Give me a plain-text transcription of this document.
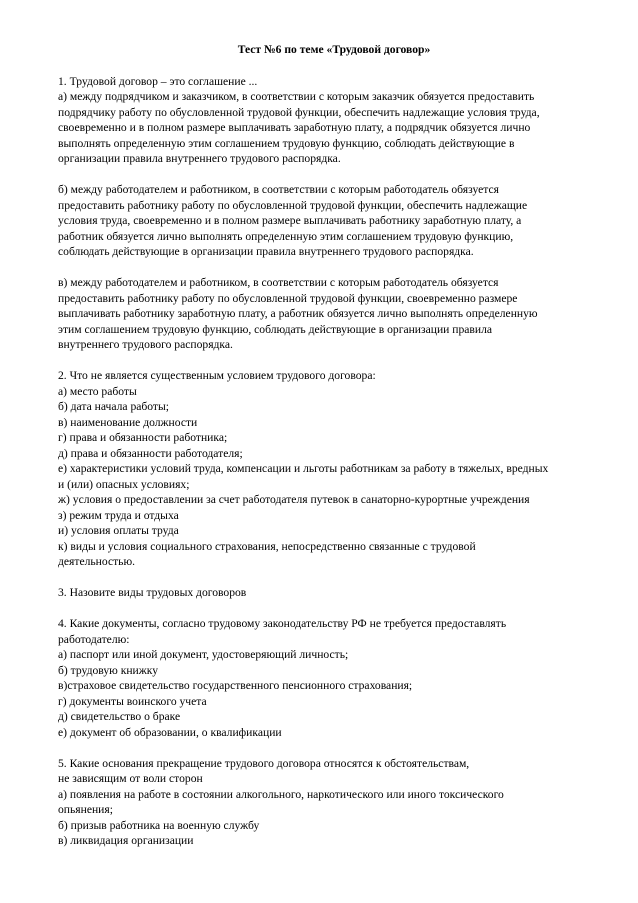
Тест №6 по теме «Трудовой договор»
1. Трудовой договор – это соглашение ...
а) между подрядчиком и заказчиком, в соответствии с которым заказчик обязуется предоставить
подрядчику работу по обусловленной трудовой функции, обеспечить надлежащие условия труда,
своевременно и в полном размере выплачивать заработную плату, а подрядчик обязуется лично
выполнять определенную этим соглашением трудовую функцию, соблюдать действующие в
организации правила внутреннего трудового распорядка.
б) между работодателем и работником, в соответствии с которым работодатель обязуется
предоставить работнику работу по обусловленной трудовой функции, обеспечить надлежащие
условия труда, своевременно и в полном размере выплачивать работнику заработную плату, а
работник обязуется лично выполнять определенную этим соглашением трудовую функцию,
соблюдать действующие в организации правила внутреннего трудового распорядка.
в) между работодателем и работником, в соответствии с которым работодатель обязуется
предоставить работнику работу по обусловленной трудовой функции, своевременно размере
выплачивать работнику заработную плату, а работник обязуется лично выполнять определенную
этим соглашением трудовую функцию, соблюдать действующие в организации правила
внутреннего трудового распорядка.
2. Что не является существенным условием трудового договора:
а) место работы
б) дата начала работы;
в) наименование должности
г) права и обязанности работника;
д) права и обязанности работодателя;
е) характеристики условий труда, компенсации и льготы работникам за работу в тяжелых, вредных
и (или) опасных условиях;
ж) условия о предоставлении за счет работодателя путевок в санаторно-курортные учреждения
з) режим труда и отдыха
и) условия оплаты труда
к) виды и условия социального страхования, непосредственно связанные с трудовой
деятельностью.
3. Назовите виды трудовых договоров
4. Какие документы, согласно трудовому законодательству РФ не требуется предоставлять
работодателю:
а) паспорт или иной документ, удостоверяющий личность;
б) трудовую книжку
в)страховое свидетельство государственного пенсионного страхования;
г) документы воинского учета
д) свидетельство о браке
е) документ об образовании, о квалификации
5. Какие основания прекращение трудового договора относятся к обстоятельствам,
не зависящим от воли сторон
а) появления на работе в состоянии алкогольного, наркотического или иного токсического
опьянения;
б) призыв работника на военную службу
в) ликвидация организации
